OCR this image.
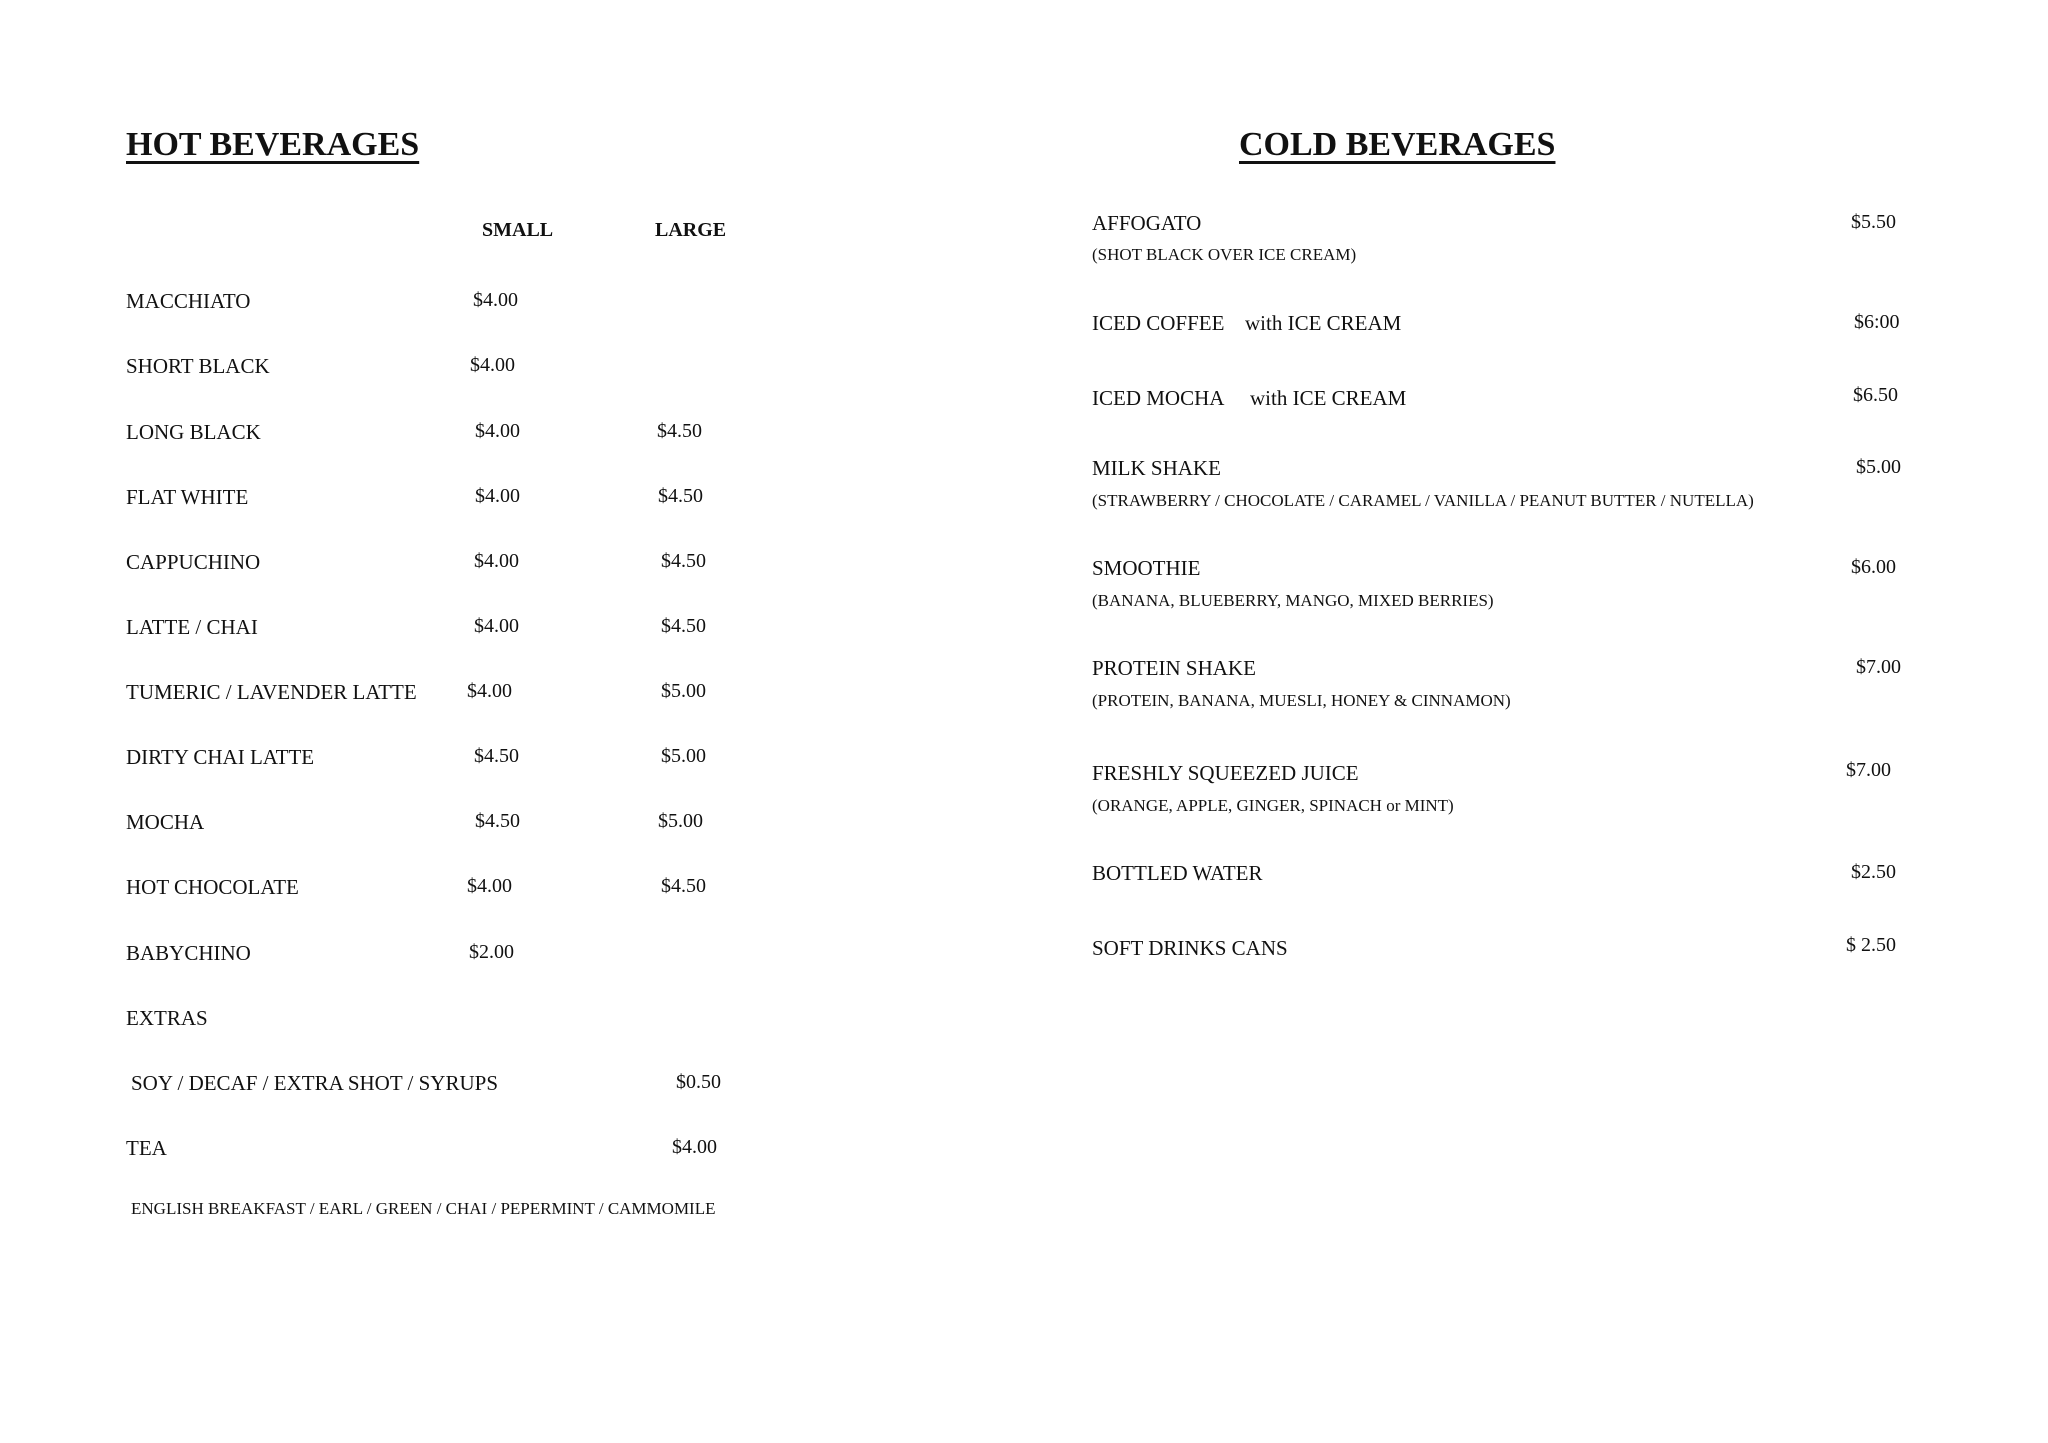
HOT BEVERAGES
SMALL	LARGE
MACCHIATO	$4.00
SHORT BLACK	$4.00
LONG BLACK	$4.00	$4.50
FLAT WHITE	$4.00	$4.50
CAPPUCHINO	$4.00	$4.50
LATTE / CHAI	$4.00	$4.50
TUMERIC / LAVENDER LATTE	$4.00	$5.00
DIRTY CHAI LATTE	$4.50	$5.00
MOCHA	$4.50	$5.00
HOT CHOCOLATE	$4.00	$4.50
BABYCHINO	$2.00
EXTRAS
SOY / DECAF / EXTRA SHOT / SYRUPS	$0.50
TEA	$4.00
ENGLISH BREAKFAST / EARL / GREEN / CHAI / PEPERMINT / CAMMOMILE
COLD BEVERAGES
AFFOGATO	$5.50
(SHOT BLACK OVER ICE CREAM)
ICED COFFEE with ICE CREAM	$6:00
ICED MOCHA with ICE CREAM	$6.50
MILK SHAKE	$5.00
(STRAWBERRY / CHOCOLATE / CARAMEL / VANILLA / PEANUT BUTTER / NUTELLA)
SMOOTHIE	$6.00
(BANANA, BLUEBERRY, MANGO, MIXED BERRIES)
PROTEIN SHAKE	$7.00
(PROTEIN, BANANA, MUESLI, HONEY & CINNAMON)
FRESHLY SQUEEZED JUICE	$7.00
(ORANGE, APPLE, GINGER, SPINACH or MINT)
BOTTLED WATER	$2.50
SOFT DRINKS CANS	$ 2.50
